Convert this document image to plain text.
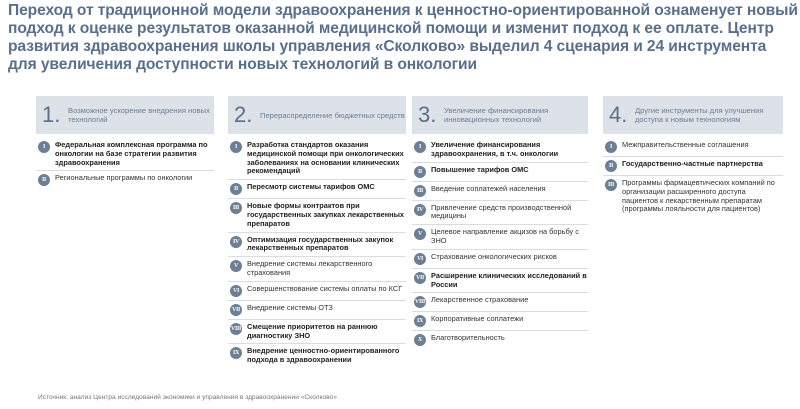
Переход от традиционной модели здравоохранения к ценностно-ориентированной ознаменует новый подход к оценке результатов оказанной медицинской помощи и изменит подход к ее оплате. Центр развития здравоохранения школы управления «Сколково» выделил 4 сценария и 24 инструмента для увеличения доступности новых технологий в онкологии
1.	Возможное ускорение внедрения новых технологий
I	Федеральная комплексная программа по онкологии на базе стратегии развития здравоохранения
II	Региональные программы по онкологии
2.	Перераспределение бюджетных средств
I	Разработка стандартов оказания медицинской помощи при онкологических заболеваниях на основании клинических рекомендаций
II	Пересмотр системы тарифов ОМС
III	Новые формы контрактов при государственных закупках лекарственных препаратов
IV	Оптимизация государственных закупок лекарственных препаратов
V	Внедрение системы лекарственного страхования
VI	Совершенствование системы оплаты по КСГ
VII Внедрение системы ОТЗ
VIII Смещение приоритетов на раннюю диагностику ЗНО
IX	Внедрение ценностно-ориентированного подхода в здравоохранении
3.	Увеличение финансирования инновационных технологий
I	Увеличение финансирования здравоохранения, в т.ч. онкологии
II	Повышение тарифов ОМС
III	Введение соплатежей населения
IV	Привлечение средств производственной медицины
V	Целевое направление акцизов на борьбу с ЗНО
VI	Страхование онкологических рисков
VII Расширение клинических исследований в России
VIII Лекарственное страхование
IX	Корпоративные соплатежи
X	Благотворительность
4.	Другие инструменты для улучшения доступа к новым технологиям
I	Межправительственные соглашения
II	Государственно-частные партнерства
III	Программы фармацевтических компаний по организации расширенного доступа пациентов к лекарственным препаратам (программы лояльности для пациентов)
Источник: анализ Центра исследований экономики и управления в здравоохранении «Сколково»
